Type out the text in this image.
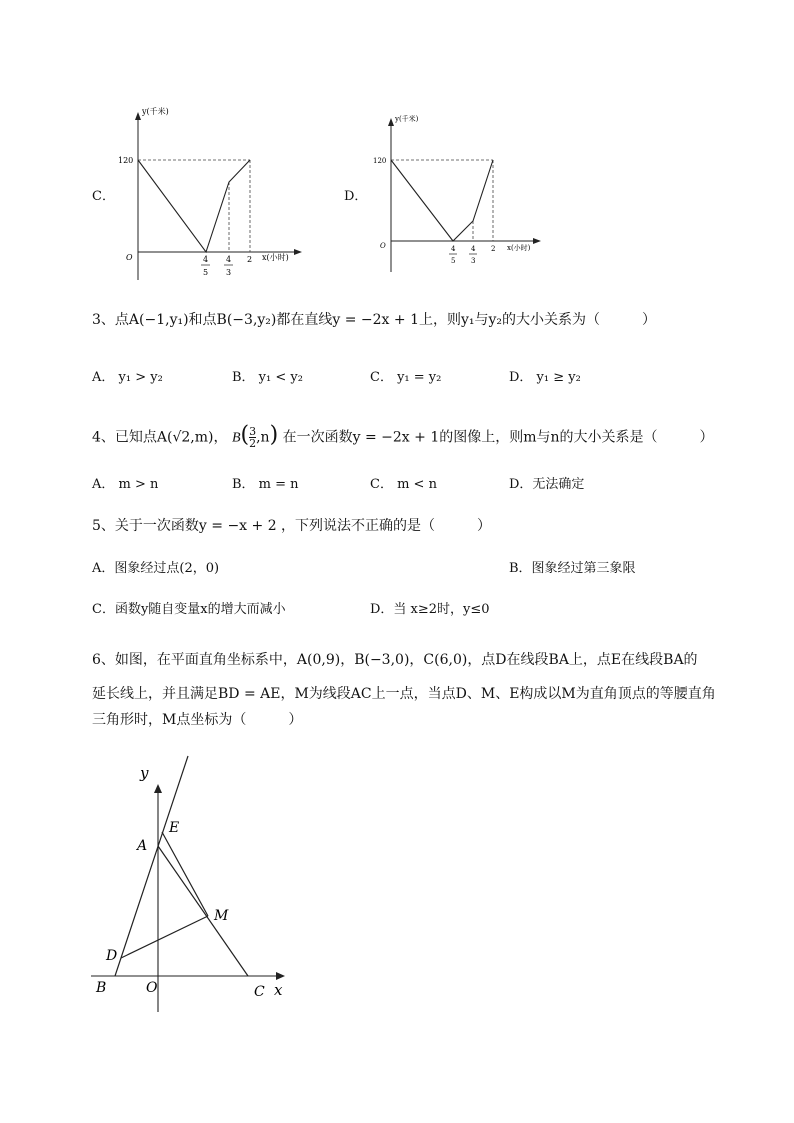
C．
y(千米)
120
O	x(小时)
4
5
4
3
2
D．
y(千米)
120
O	x(小时)
4
5
4
3
2
3、点A(−1,y₁)和点B(−3,y₂)都在直线y = −2x + 1上，则y₁与y₂的大小关系为（　　　）
A． y₁ > y₂	B． y₁ < y₂	C． y₁ = y₂	D． y₁ ≥ y₂
4、已知点A(√2,m)， $B( \frac{3}{2} ,n)$ 在一次函数y = −2x + 1的图像上，则m与n的大小关系是（　　　）
A． m > n	B． m = n	C． m < n	D．无法确定
5、关于一次函数y = −x + 2 ，下列说法不正确的是（　　　）
A．图象经过点(2，0)	B．图象经过第三象限
C．函数y随自变量x的增大而减小	D．当 x≥2时，y≤0
6、如图，在平面直角坐标系中，A(0,9)，B(−3,0)，C(6,0)，点D在线段BA上，点E在线段BA的
延长线上，并且满足BD = AE，M为线段AC上一点，当点D、M、E构成以M为直角顶点的等腰直角
三角形时，M点坐标为（　　　）
y
E
A
M
D
B	O	C x
